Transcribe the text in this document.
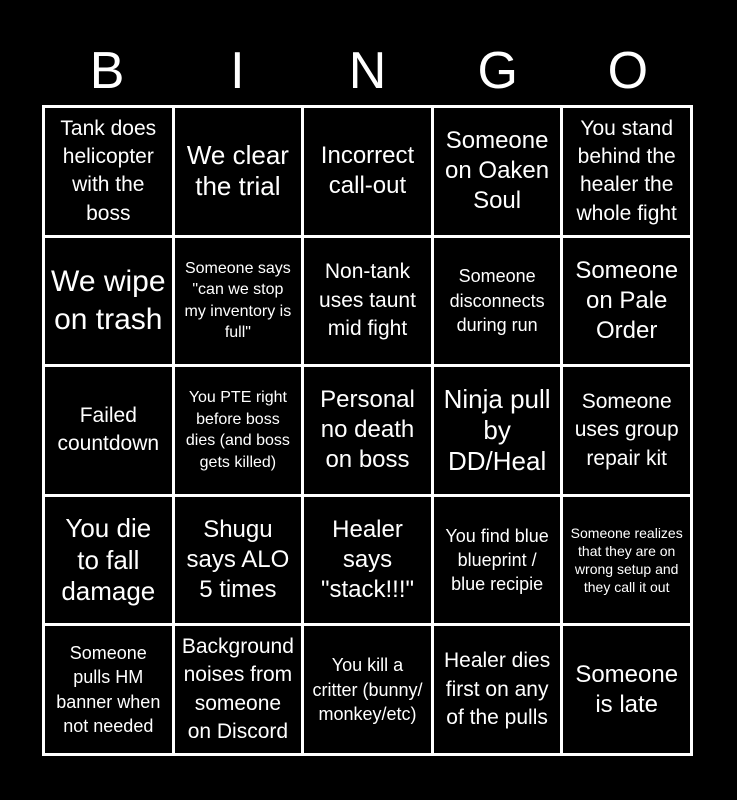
B	I	N	G	O
Tank does helicopter with the boss
We clear the trial
Incorrect call-out
Someone on Oaken Soul
You stand behind the healer the whole fight
We wipe on trash
Someone says "can we stop my inventory is full"
Non-tank uses taunt mid fight
Someone disconnects during run
Someone on Pale Order
Failed countdown
You PTE right before boss dies (and boss gets killed)
Personal no death on boss
Ninja pull by DD/Heal
Someone uses group repair kit
You die to fall damage
Shugu says ALO 5 times
Healer says "stack!!!"
You find blue blueprint / blue recipie
Someone realizes that they are on wrong setup and they call it out
Someone pulls HM banner when not needed
Background noises from someone on Discord
You kill a critter (bunny/ monkey/etc)
Healer dies first on any of the pulls
Someone is late
